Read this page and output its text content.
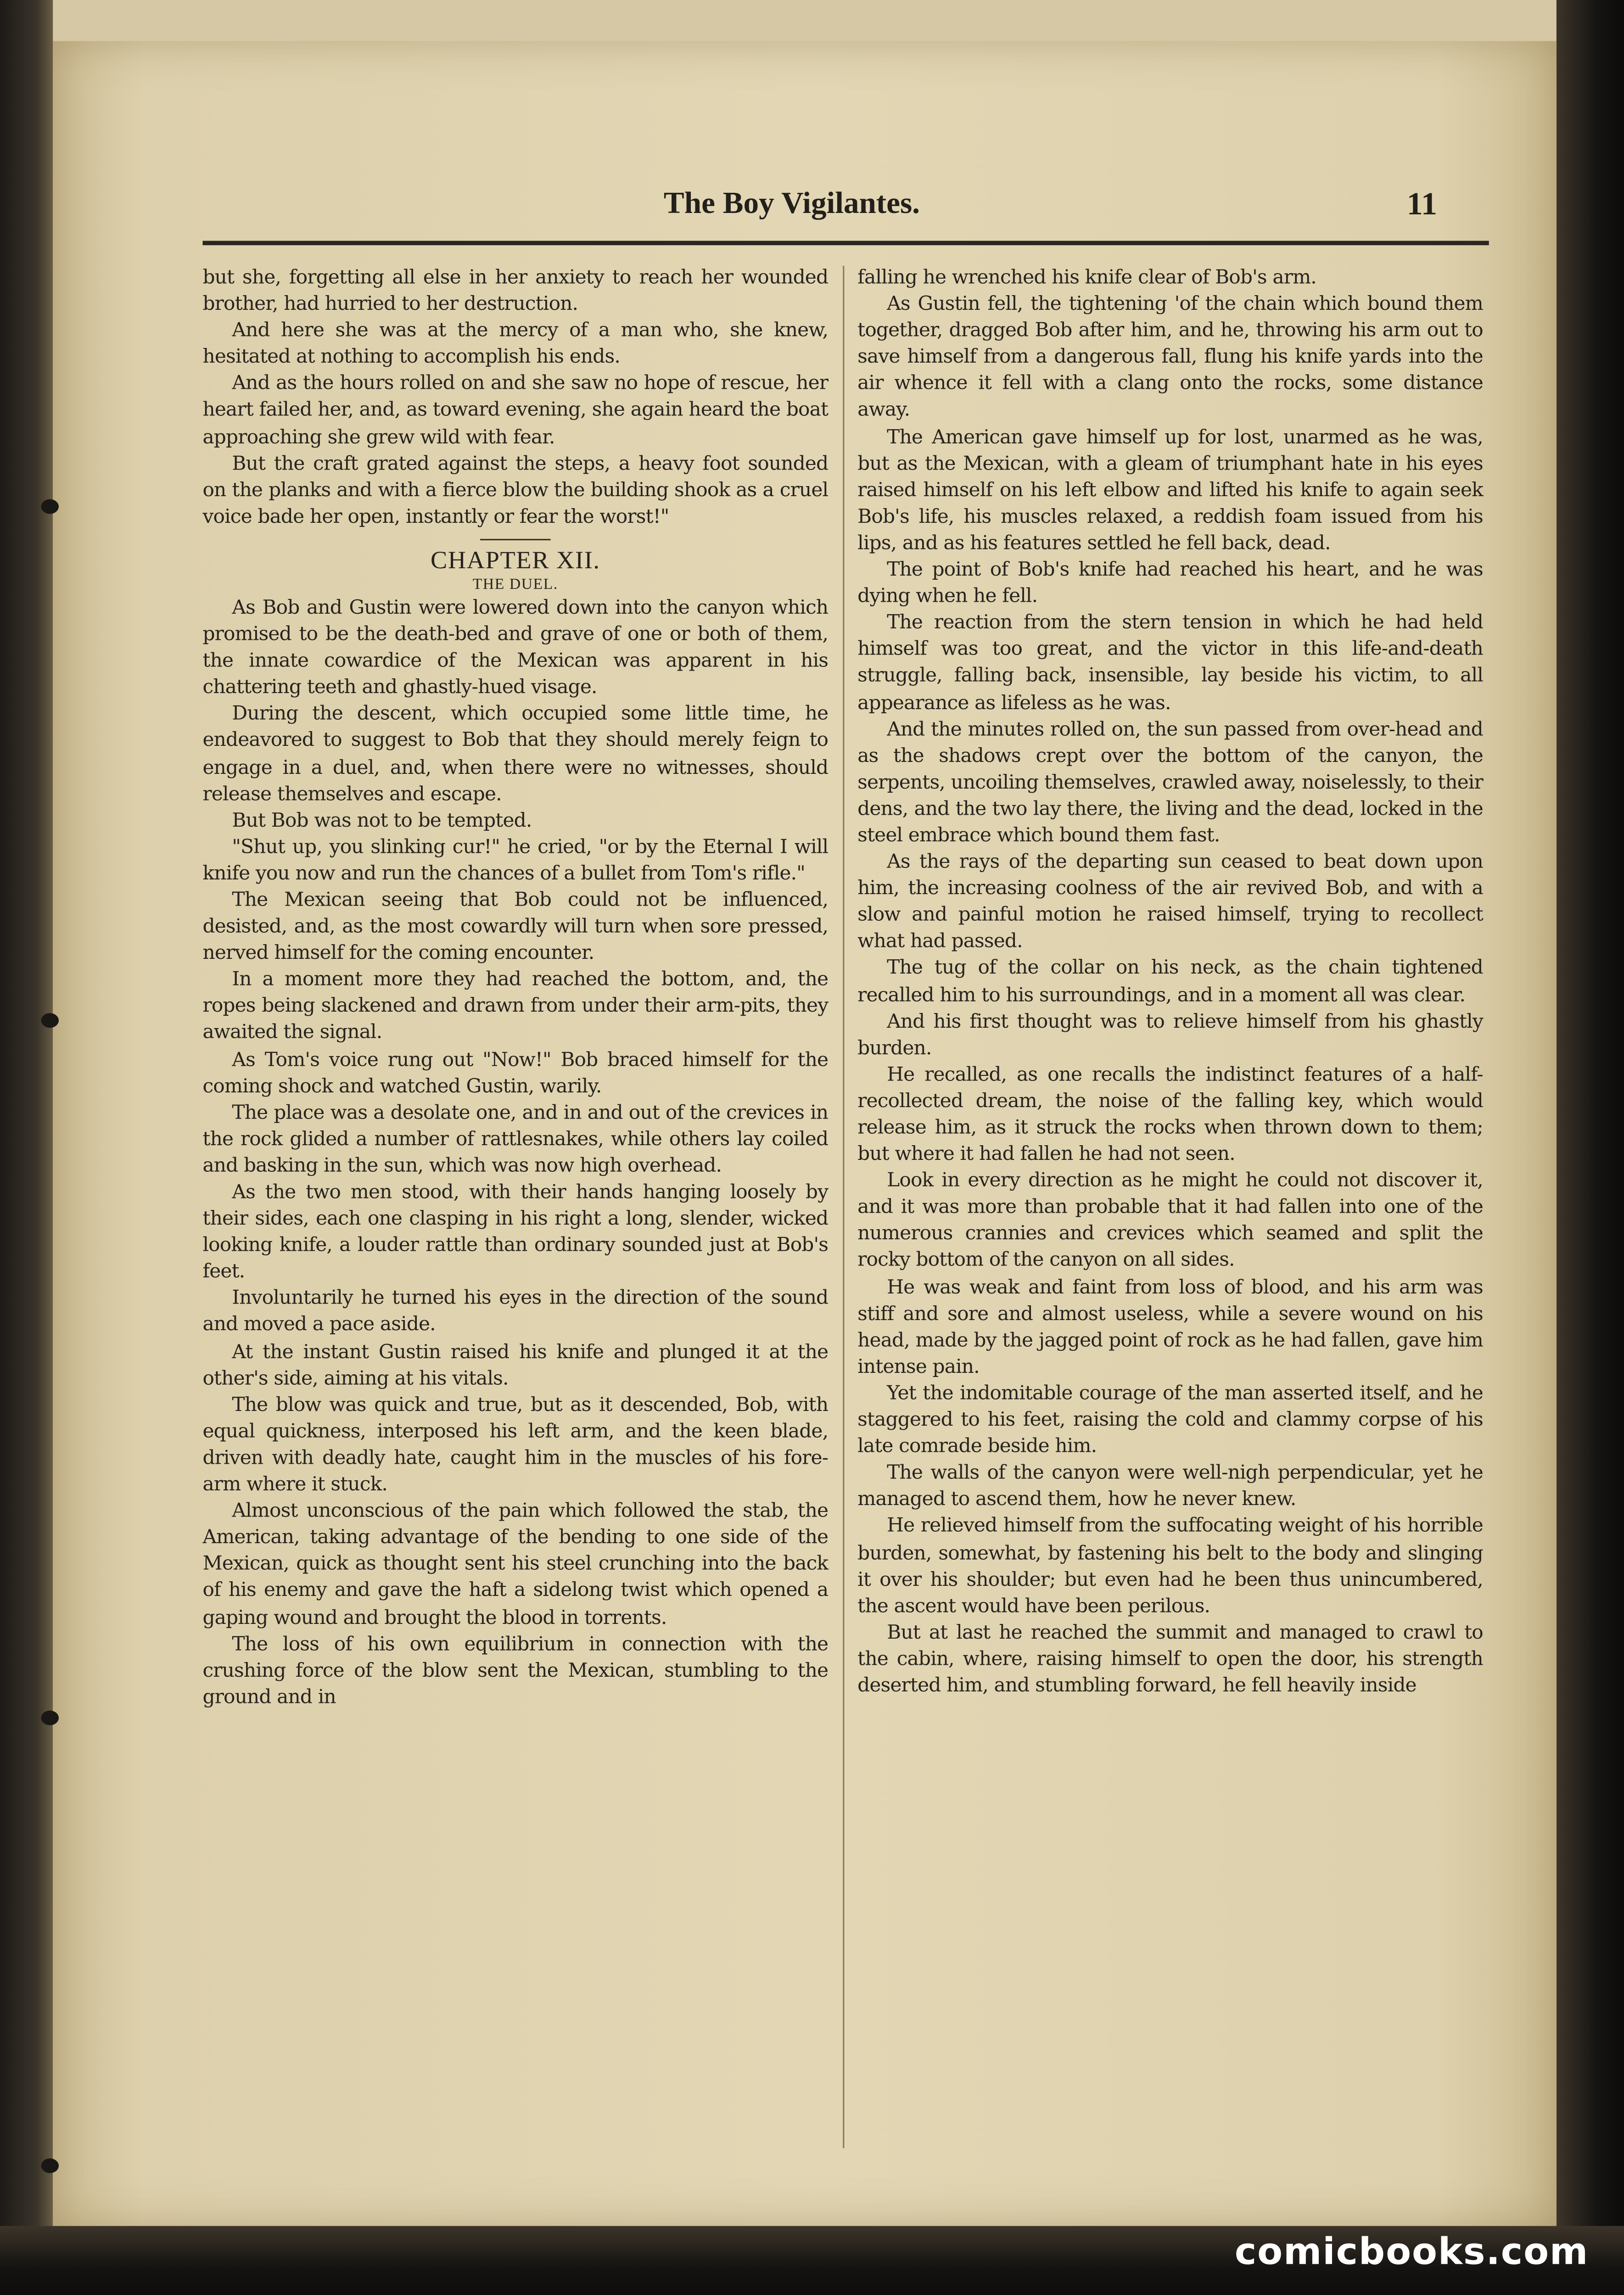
The Boy Vigilantes.	11

but she, forgetting all else in her anxiety to reach her wounded brother, had hurried to her destruction.

And here she was at the mercy of a man who, she knew, hesitated at nothing to accomplish his ends.

And as the hours rolled on and she saw no hope of rescue, her heart failed her, and, as toward evening, she again heard the boat approaching she grew wild with fear.

But the craft grated against the steps, a heavy foot sounded on the planks and with a fierce blow the building shook as a cruel voice bade her open, instantly or fear the worst!"

CHAPTER XII.
THE DUEL.

As Bob and Gustin were lowered down into the canyon which promised to be the death-bed and grave of one or both of them, the innate cowardice of the Mexican was apparent in his chattering teeth and ghastly-hued visage.

During the descent, which occupied some little time, he endeavored to suggest to Bob that they should merely feign to engage in a duel, and, when there were no witnesses, should release themselves and escape.

But Bob was not to be tempted.

"Shut up, you slinking cur!" he cried, "or by the Eternal I will knife you now and run the chances of a bullet from Tom's rifle."

The Mexican seeing that Bob could not be influenced, desisted, and, as the most cowardly will turn when sore pressed, nerved himself for the coming encounter.

In a moment more they had reached the bottom, and, the ropes being slackened and drawn from under their arm-pits, they awaited the signal.

As Tom's voice rung out "Now!" Bob braced himself for the coming shock and watched Gustin, warily.

The place was a desolate one, and in and out of the crevices in the rock glided a number of rattlesnakes, while others lay coiled and basking in the sun, which was now high overhead.

As the two men stood, with their hands hanging loosely by their sides, each one clasping in his right a long, slender, wicked looking knife, a louder rattle than ordinary sounded just at Bob's feet.

Involuntarily he turned his eyes in the direction of the sound and moved a pace aside.

At the instant Gustin raised his knife and plunged it at the other's side, aiming at his vitals.

The blow was quick and true, but as it descended, Bob, with equal quickness, interposed his left arm, and the keen blade, driven with deadly hate, caught him in the muscles of his fore-arm where it stuck.

Almost unconscious of the pain which followed the stab, the American, taking advantage of the bending to one side of the Mexican, quick as thought sent his steel crunching into the back of his enemy and gave the haft a sidelong twist which opened a gaping wound and brought the blood in torrents.

The loss of his own equilibrium in connection with the crushing force of the blow sent the Mexican, stumbling to the ground and in

falling he wrenched his knife clear of Bob's arm.

As Gustin fell, the tightening 'of the chain which bound them together, dragged Bob after him, and he, throwing his arm out to save himself from a dangerous fall, flung his knife yards into the air whence it fell with a clang onto the rocks, some distance away.

The American gave himself up for lost, unarmed as he was, but as the Mexican, with a gleam of triumphant hate in his eyes raised himself on his left elbow and lifted his knife to again seek Bob's life, his muscles relaxed, a reddish foam issued from his lips, and as his features settled he fell back, dead.

The point of Bob's knife had reached his heart, and he was dying when he fell.

The reaction from the stern tension in which he had held himself was too great, and the victor in this life-and-death struggle, falling back, insensible, lay beside his victim, to all appearance as lifeless as he was.

And the minutes rolled on, the sun passed from over-head and as the shadows crept over the bottom of the canyon, the serpents, uncoiling themselves, crawled away, noiselessly, to their dens, and the two lay there, the living and the dead, locked in the steel embrace which bound them fast.

As the rays of the departing sun ceased to beat down upon him, the increasing coolness of the air revived Bob, and with a slow and painful motion he raised himself, trying to recollect what had passed.

The tug of the collar on his neck, as the chain tightened recalled him to his surroundings, and in a moment all was clear.

And his first thought was to relieve himself from his ghastly burden.

He recalled, as one recalls the indistinct features of a half-recollected dream, the noise of the falling key, which would release him, as it struck the rocks when thrown down to them; but where it had fallen he had not seen.

Look in every direction as he might he could not discover it, and it was more than probable that it had fallen into one of the numerous crannies and crevices which seamed and split the rocky bottom of the canyon on all sides.

He was weak and faint from loss of blood, and his arm was stiff and sore and almost useless, while a severe wound on his head, made by the jagged point of rock as he had fallen, gave him intense pain.

Yet the indomitable courage of the man asserted itself, and he staggered to his feet, raising the cold and clammy corpse of his late comrade beside him.

The walls of the canyon were well-nigh perpendicular, yet he managed to ascend them, how he never knew.

He relieved himself from the suffocating weight of his horrible burden, somewhat, by fastening his belt to the body and slinging it over his shoulder; but even had he been thus unincumbered, the ascent would have been perilous.

But at last he reached the summit and managed to crawl to the cabin, where, raising himself to open the door, his strength deserted him, and stumbling forward, he fell heavily inside

comicbooks.com
